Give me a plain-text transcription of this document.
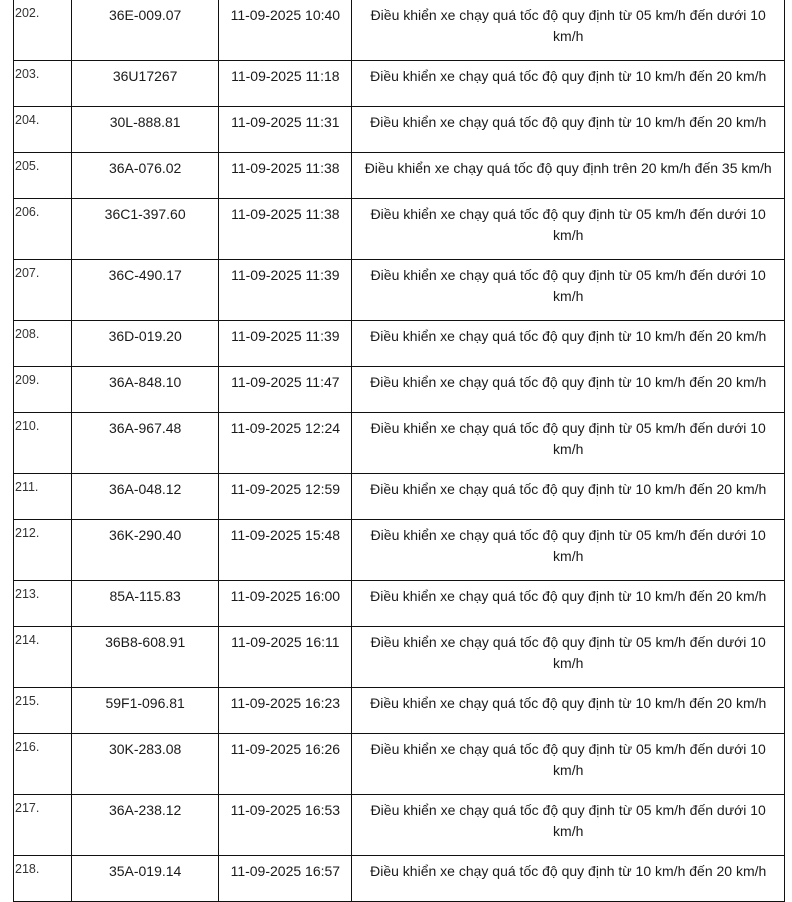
202.	36E-009.07	11-09-2025 10:40	Điều khiển xe chạy quá tốc độ quy định từ 05 km/h đến dưới 10 km/h
203.	36U17267	11-09-2025 11:18	Điều khiển xe chạy quá tốc độ quy định từ 10 km/h đến 20 km/h
204.	30L-888.81	11-09-2025 11:31	Điều khiển xe chạy quá tốc độ quy định từ 10 km/h đến 20 km/h
205.	36A-076.02	11-09-2025 11:38	Điều khiển xe chạy quá tốc độ quy định trên 20 km/h đến 35 km/h
206.	36C1-397.60	11-09-2025 11:38	Điều khiển xe chạy quá tốc độ quy định từ 05 km/h đến dưới 10 km/h
207.	36C-490.17	11-09-2025 11:39	Điều khiển xe chạy quá tốc độ quy định từ 05 km/h đến dưới 10 km/h
208.	36D-019.20	11-09-2025 11:39	Điều khiển xe chạy quá tốc độ quy định từ 10 km/h đến 20 km/h
209.	36A-848.10	11-09-2025 11:47	Điều khiển xe chạy quá tốc độ quy định từ 10 km/h đến 20 km/h
210.	36A-967.48	11-09-2025 12:24	Điều khiển xe chạy quá tốc độ quy định từ 05 km/h đến dưới 10 km/h
211.	36A-048.12	11-09-2025 12:59	Điều khiển xe chạy quá tốc độ quy định từ 10 km/h đến 20 km/h
212.	36K-290.40	11-09-2025 15:48	Điều khiển xe chạy quá tốc độ quy định từ 05 km/h đến dưới 10 km/h
213.	85A-115.83	11-09-2025 16:00	Điều khiển xe chạy quá tốc độ quy định từ 10 km/h đến 20 km/h
214.	36B8-608.91	11-09-2025 16:11	Điều khiển xe chạy quá tốc độ quy định từ 05 km/h đến dưới 10 km/h
215.	59F1-096.81	11-09-2025 16:23	Điều khiển xe chạy quá tốc độ quy định từ 10 km/h đến 20 km/h
216.	30K-283.08	11-09-2025 16:26	Điều khiển xe chạy quá tốc độ quy định từ 05 km/h đến dưới 10 km/h
217.	36A-238.12	11-09-2025 16:53	Điều khiển xe chạy quá tốc độ quy định từ 05 km/h đến dưới 10 km/h
218.	35A-019.14	11-09-2025 16:57	Điều khiển xe chạy quá tốc độ quy định từ 10 km/h đến 20 km/h
